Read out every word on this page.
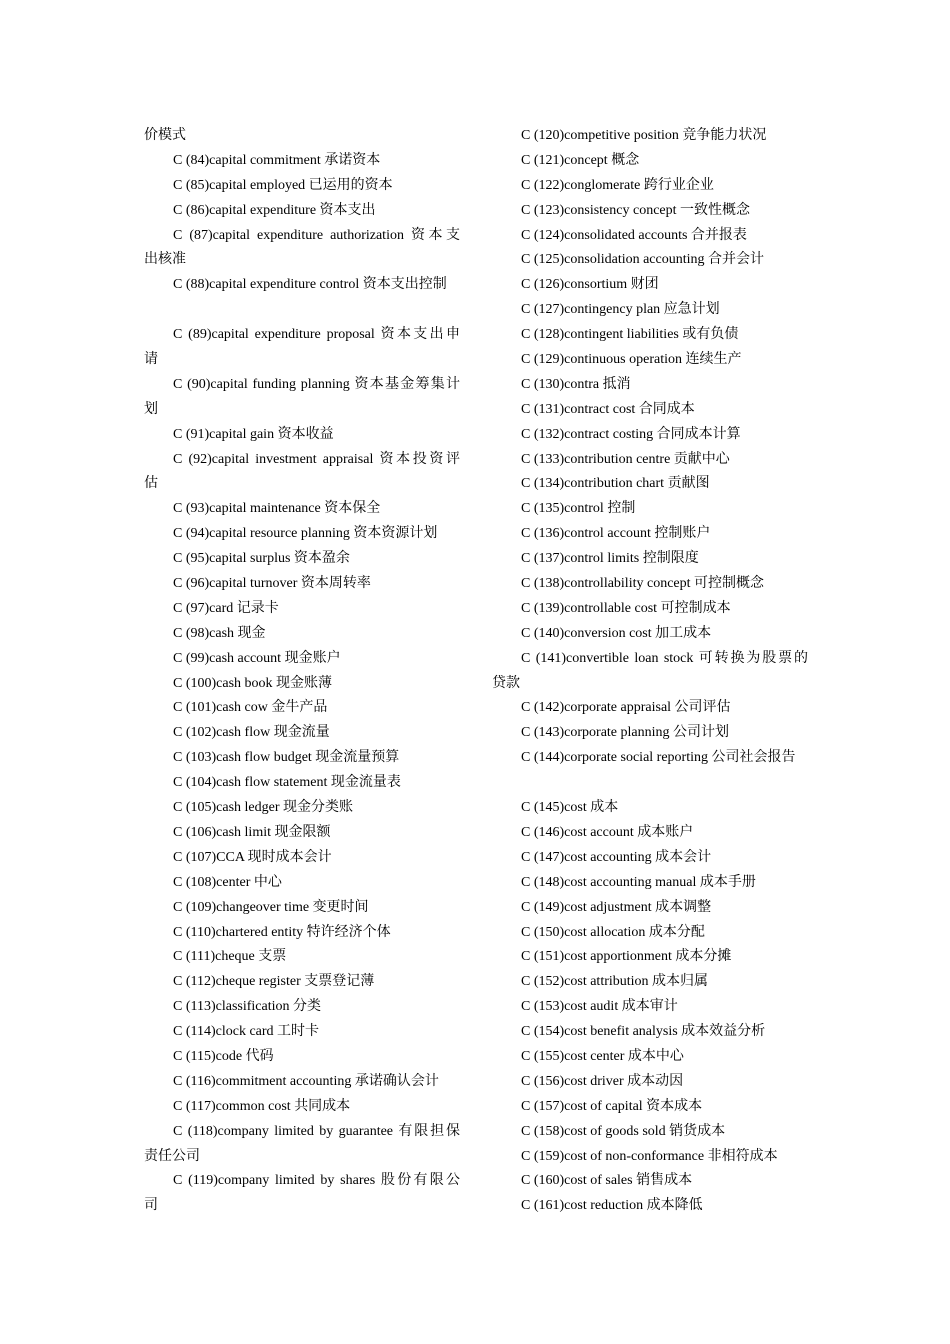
价模式
C (84)capital commitment 承诺资本
C (85)capital employed 已运用的资本
C (86)capital expenditure 资本支出
C (87)capital expenditure authorization 资本支
出核准
C (88)capital expenditure control 资本支出控制
C (89)capital expenditure proposal 资本支出申
请
C (90)capital funding planning 资本基金筹集计
划
C (91)capital gain 资本收益
C (92)capital investment appraisal 资本投资评
估
C (93)capital maintenance 资本保全
C (94)capital resource planning 资本资源计划
C (95)capital surplus 资本盈余
C (96)capital turnover 资本周转率
C (97)card 记录卡
C (98)cash 现金
C (99)cash account 现金账户
C (100)cash book 现金账薄
C (101)cash cow 金牛产品
C (102)cash flow 现金流量
C (103)cash flow budget 现金流量预算
C (104)cash flow statement 现金流量表
C (105)cash ledger 现金分类账
C (106)cash limit 现金限额
C (107)CCA 现时成本会计
C (108)center 中心
C (109)changeover time 变更时间
C (110)chartered entity 特许经济个体
C (111)cheque 支票
C (112)cheque register 支票登记薄
C (113)classification 分类
C (114)clock card 工时卡
C (115)code 代码
C (116)commitment accounting 承诺确认会计
C (117)common cost 共同成本
C (118)company limited by guarantee 有限担保
责任公司
C (119)company limited by shares 股份有限公
司
C (120)competitive position 竞争能力状况
C (121)concept 概念
C (122)conglomerate 跨行业企业
C (123)consistency concept 一致性概念
C (124)consolidated accounts 合并报表
C (125)consolidation accounting 合并会计
C (126)consortium 财团
C (127)contingency plan 应急计划
C (128)contingent liabilities 或有负债
C (129)continuous operation 连续生产
C (130)contra 抵消
C (131)contract cost 合同成本
C (132)contract costing 合同成本计算
C (133)contribution centre 贡献中心
C (134)contribution chart 贡献图
C (135)control 控制
C (136)control account 控制账户
C (137)control limits 控制限度
C (138)controllability concept 可控制概念
C (139)controllable cost 可控制成本
C (140)conversion cost 加工成本
C (141)convertible loan stock 可转换为股票的
贷款
C (142)corporate appraisal 公司评估
C (143)corporate planning 公司计划
C (144)corporate social reporting 公司社会报告
C (145)cost 成本
C (146)cost account 成本账户
C (147)cost accounting 成本会计
C (148)cost accounting manual 成本手册
C (149)cost adjustment 成本调整
C (150)cost allocation 成本分配
C (151)cost apportionment 成本分摊
C (152)cost attribution 成本归属
C (153)cost audit 成本审计
C (154)cost benefit analysis 成本效益分析
C (155)cost center 成本中心
C (156)cost driver 成本动因
C (157)cost of capital 资本成本
C (158)cost of goods sold 销货成本
C (159)cost of non-conformance 非相符成本
C (160)cost of sales 销售成本
C (161)cost reduction 成本降低
